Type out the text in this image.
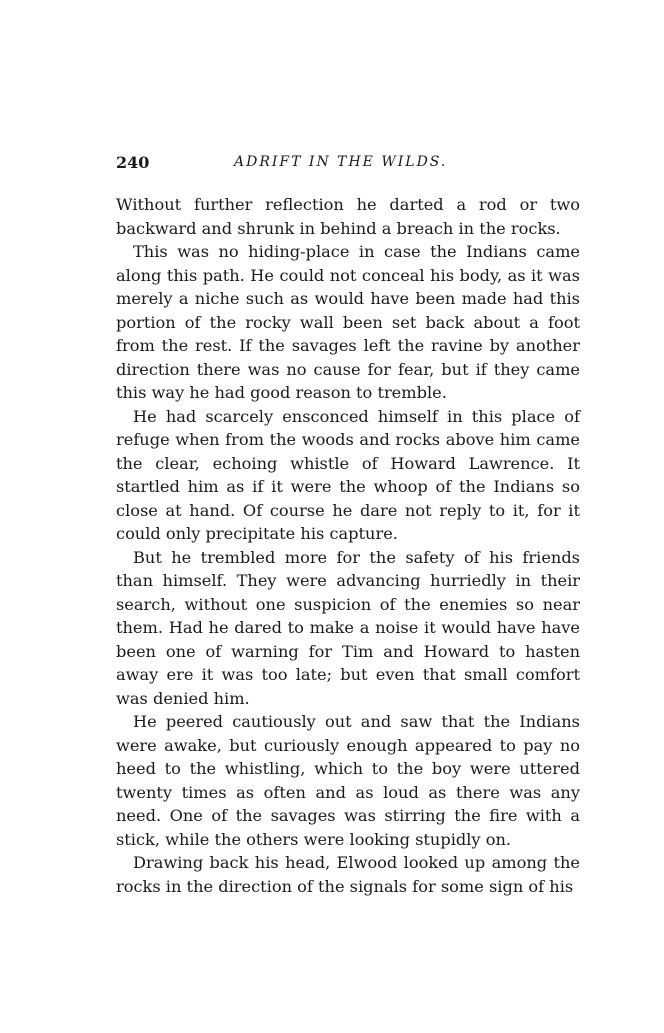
240	ADRIFT IN THE WILDS.

Without further reflection he darted a rod or two backward and shrunk in behind a breach in the rocks.

This was no hiding-place in case the Indians came along this path. He could not conceal his body, as it was merely a niche such as would have been made had this portion of the rocky wall been set back about a foot from the rest. If the savages left the ravine by another direction there was no cause for fear, but if they came this way he had good reason to tremble.

He had scarcely ensconced himself in this place of refuge when from the woods and rocks above him came the clear, echoing whistle of Howard Lawrence. It startled him as if it were the whoop of the Indians so close at hand. Of course he dare not reply to it, for it could only precipitate his capture.

But he trembled more for the safety of his friends than himself. They were advancing hurriedly in their search, without one suspicion of the enemies so near them. Had he dared to make a noise it would have have been one of warning for Tim and Howard to hasten away ere it was too late; but even that small comfort was denied him.

He peered cautiously out and saw that the Indians were awake, but curiously enough appeared to pay no heed to the whistling, which to the boy were uttered twenty times as often and as loud as there was any need. One of the savages was stirring the fire with a stick, while the others were looking stupidly on.

Drawing back his head, Elwood looked up among the rocks in the direction of the signals for some sign of his
